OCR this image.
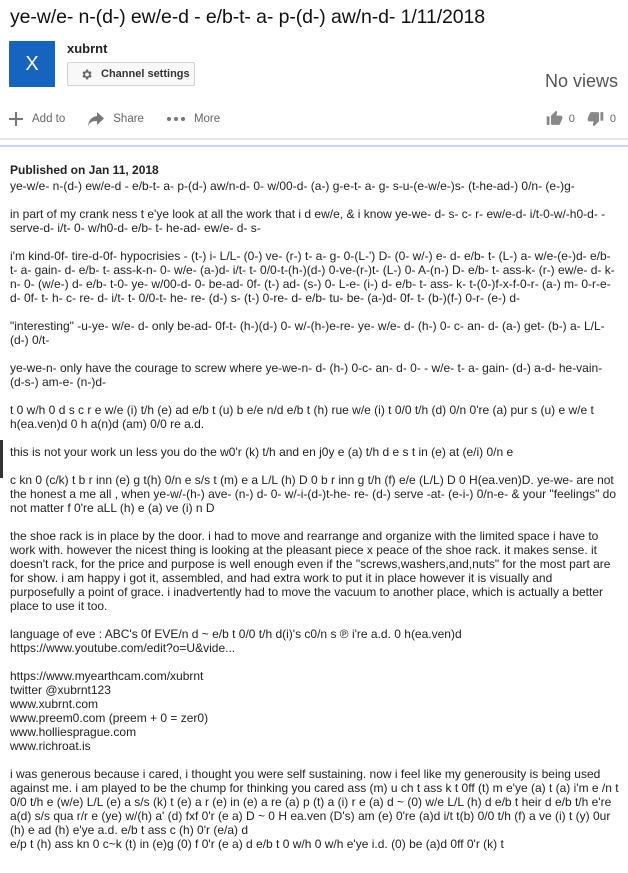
ye-w/e- n-(d-) ew/e-d - e/b-t- a- p-(d-) aw/n-d- 1/11/2018
X
xubrnt
Channel settings	No views
Add to	Share	More	0	0
Published on Jan 11, 2018

ye-w/e- n-(d-) ew/e-d - e/b-t- a- p-(d-) aw/n-d- 0- w/00-d- (a-) g-e-t- a- g- s-u-(e-w/e-)s- (t-he-ad-) 0/n- (e-)g-

in part of my crank ness t e'ye look at all the work that i d ew/e, & i know ye-we- d- s- c- r- ew/e-d- i/t-0-w/-h0-d- - serve-d- i/t- 0- w/h0-d- e/b- t- he-ad- ew/e- d- s-

i'm kind-0f- tire-d-0f- hypocrisies - (t-) i- L/L- (0-) ve- (r-) t- a- g- 0-(L-') D- (0- w/-) e- d- e/b- t- (L-) a- w/e-(e-)d- e/b- t- a- gain- d- e/b- t- ass-k-n- 0- w/e- (a-)d- i/t- t- 0/0-t-(h-)(d-) 0-ve-(r-)t- (L-) 0- A-(n-) D- e/b- t- ass-k- (r-) ew/e- d- k- n- 0- (w/e-) d- e/b- t-0- ye- w/00-d- 0- be-ad- 0f- (t-) ad- (s-) 0- L-e- (i-) d- e/b- t- ass- k- t-(0-)f-x-f-0-r- (a-) m- 0-r-e- d- 0f- t- h- c- re- d- i/t- t- 0/0-t- he- re- (d-) s- (t-) 0-re- d- e/b- tu- be- (a-)d- 0f- t- (b-)(f-) 0-r- (e-) d-

"interesting" -u-ye- w/e- d- only be-ad- 0f-t- (h-)(d-) 0- w/-(h-)e-re- ye- w/e- d- (h-) 0- c- an- d- (a-) get- (b-) a- L/L- (d-) 0/t-

ye-we-n- only have the courage to screw where ye-we-n- d- (h-) 0-c- an- d- 0- - w/e- t- a- gain- (d-) a-d- he-vain- (d-s-) am-e- (n-)d-

t 0 w/h 0 d s c r e w/e (i) t/h (e) ad e/b t (u) b e/e n/d e/b t (h) rue w/e (i) t 0/0 t/h (d) 0/n 0're (a) pur s (u) e w/e t h(ea.ven)d 0 h a(n)d (am) 0/0 re a.d.

this is not your work un less you do the w0'r (k) t/h and en j0y e (a) t/h d e s t in (e) at (e/i) 0/n e

c kn 0 (c/k) t b r inn (e) g t(h) 0/n e s/s t (m) e a L/L (h) D 0 b r inn g t/h (f) e/e (L/L) D 0 H(ea.ven)D. ye-we- are not the honest a me all , when ye-w/-(h-) ave- (n-) d- 0- w/-i-(d-)t-he- re- (d-) serve -at- (e-i-) 0/n-e- & your "feelings" do not matter f 0're aLL (h) e (a) ve (i) n D

the shoe rack is in place by the door. i had to move and rearrange and organize with the limited space i have to work with. however the nicest thing is looking at the pleasant piece x peace of the shoe rack. it makes sense. it doesn't rack, for the price and purpose is well enough even if the "screws,washers,and,nuts" for the most part are for show. i am happy i got it, assembled, and had extra work to put it in place however it is visually and purposefully a point of grace. i inadvertently had to move the vacuum to another place, which is actually a better place to use it too.

language of eve : ABC's 0f EVE/n d ~ e/b t 0/0 t/h d(i)'s c0/n s ℗ i're a.d. 0 h(ea.ven)d
https://www.youtube.com/edit?o=U&vide...

https://www.myearthcam.com/xubrnt
twitter @xubrnt123
www.xubrnt.com
www.preem0.com (preem + 0 = zer0)
www.holliesprague.com
www.richroat.is

i was generous because i cared, i thought you were self sustaining. now i feel like my generousity is being used against me. i am played to be the chump for thinking you cared ass (m) u ch t ass k t 0ff (t) m e'ye (a) t (a) i'm e /n t 0/0 t/h e (w/e) L/L (e) a s/s (k) t (e) a r (e) in (e) a re (a) p (t) a (i) r e (a) d ~ (0) w/e L/L (h) d e/b t heir d e/b t/h e're a(d) s/s qua r/r e (ye) w/(h) a' (d) fxf 0'r (e a) D ~ 0 H ea.ven (D's) am (e) 0're (a)d i/t t(b) 0/0 t/h (f) a ve (i) t (y) 0ur (h) e ad (h) e'ye a.d. e/b t ass c (h) 0'r (e/a) d
e/p t (h) ass kn 0 c~k (t) in (e)g (0) f 0'r (e a) d e/b t 0 w/h 0 w/h e'ye i.d. (0) be (a)d 0ff 0'r (k) t
